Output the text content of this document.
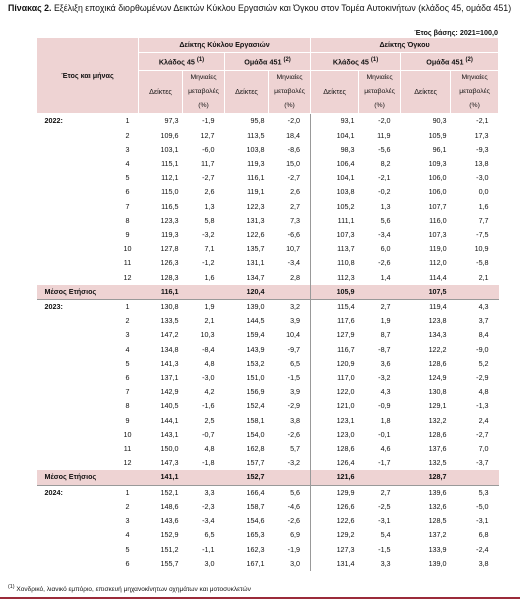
Πίνακας 2. Εξέλιξη εποχικά διορθωμένων Δεικτών Κύκλου Εργασιών και Όγκου στον Τομέα Αυτοκινήτων (κλάδος 45, ομάδα 451)
Έτος βάσης: 2021=100,0
Έτος και μήνας		Δείκτης Κύκλου Εργασιών				Δείκτης Όγκου			
		Κλάδος 45 $^{(1)}$		Ομάδα 451 $^{(2)}$		Κλάδος 45 $^{(1)}$		Ομάδα 451 $^{(2)}$
		Δείκτες	Μηνιαίες
μεταβολές
(%)	Δείκτες	Μηνιαίες
μεταβολές
(%)	Δείκτες	Μηνιαίες
μεταβολές
(%)	Δείκτες	Μηνιαίες
μεταβολές
(%)
2022:	1	97,3	-1,9	95,8	-2,0	93,1	-2,0	90,3	-2,1
	2	109,6	12,7	113,5	18,4	104,1	11,9	105,9	17,3
	3	103,1	-6,0	103,8	-8,6	98,3	-5,6	96,1	-9,3
	4	115,1	11,7	119,3	15,0	106,4	8,2	109,3	13,8
	5	112,1	-2,7	116,1	-2,7	104,1	-2,1	106,0	-3,0
	6	115,0	2,6	119,1	2,6	103,8	-0,2	106,0	0,0
	7	116,5	1,3	122,3	2,7	105,2	1,3	107,7	1,6
	8	123,3	5,8	131,3	7,3	111,1	5,6	116,0	7,7
	9	119,3	-3,2	122,6	-6,6	107,3	-3,4	107,3	-7,5
	10	127,8	7,1	135,7	10,7	113,7	6,0	119,0	10,9
	11	126,3	-1,2	131,1	-3,4	110,8	-2,6	112,0	-5,8
	12	128,3	1,6	134,7	2,8	112,3	1,4	114,4	2,1
Μέσος Ετήσιος		116,1		120,4		105,9		107,5	
2023:	1	130,8	1,9	139,0	3,2	115,4	2,7	119,4	4,3
	2	133,5	2,1	144,5	3,9	117,6	1,9	123,8	3,7
	3	147,2	10,3	159,4	10,4	127,9	8,7	134,3	8,4
	4	134,8	-8,4	143,9	-9,7	116,7	-8,7	122,2	-9,0
	5	141,3	4,8	153,2	6,5	120,9	3,6	128,6	5,2
	6	137,1	-3,0	151,0	-1,5	117,0	-3,2	124,9	-2,9
	7	142,9	4,2	156,9	3,9	122,0	4,3	130,8	4,8
	8	140,5	-1,6	152,4	-2,9	121,0	-0,9	129,1	-1,3
	9	144,1	2,5	158,1	3,8	123,1	1,8	132,2	2,4
	10	143,1	-0,7	154,0	-2,6	123,0	-0,1	128,6	-2,7
	11	150,0	4,8	162,8	5,7	128,6	4,6	137,6	7,0
	12	147,3	-1,8	157,7	-3,2	126,4	-1,7	132,5	-3,7
Μέσος Ετήσιος		141,1		152,7		121,6		128,7	
2024:	1	152,1	3,3	166,4	5,6	129,9	2,7	139,6	5,3
	2	148,6	-2,3	158,7	-4,6	126,6	-2,5	132,6	-5,0
	3	143,6	-3,4	154,6	-2,6	122,6	-3,1	128,5	-3,1
	4	152,9	6,5	165,3	6,9	129,2	5,4	137,2	6,8
	5	151,2	-1,1	162,3	-1,9	127,3	-1,5	133,9	-2,4
	6	155,7	3,0	167,1	3,0	131,4	3,3	139,0	3,8
$^{(1)}$ Χονδρικό, λιανικό εμπόριο, επισκευή μηχανοκίνητων οχημάτων και μοτοσυκλετών
